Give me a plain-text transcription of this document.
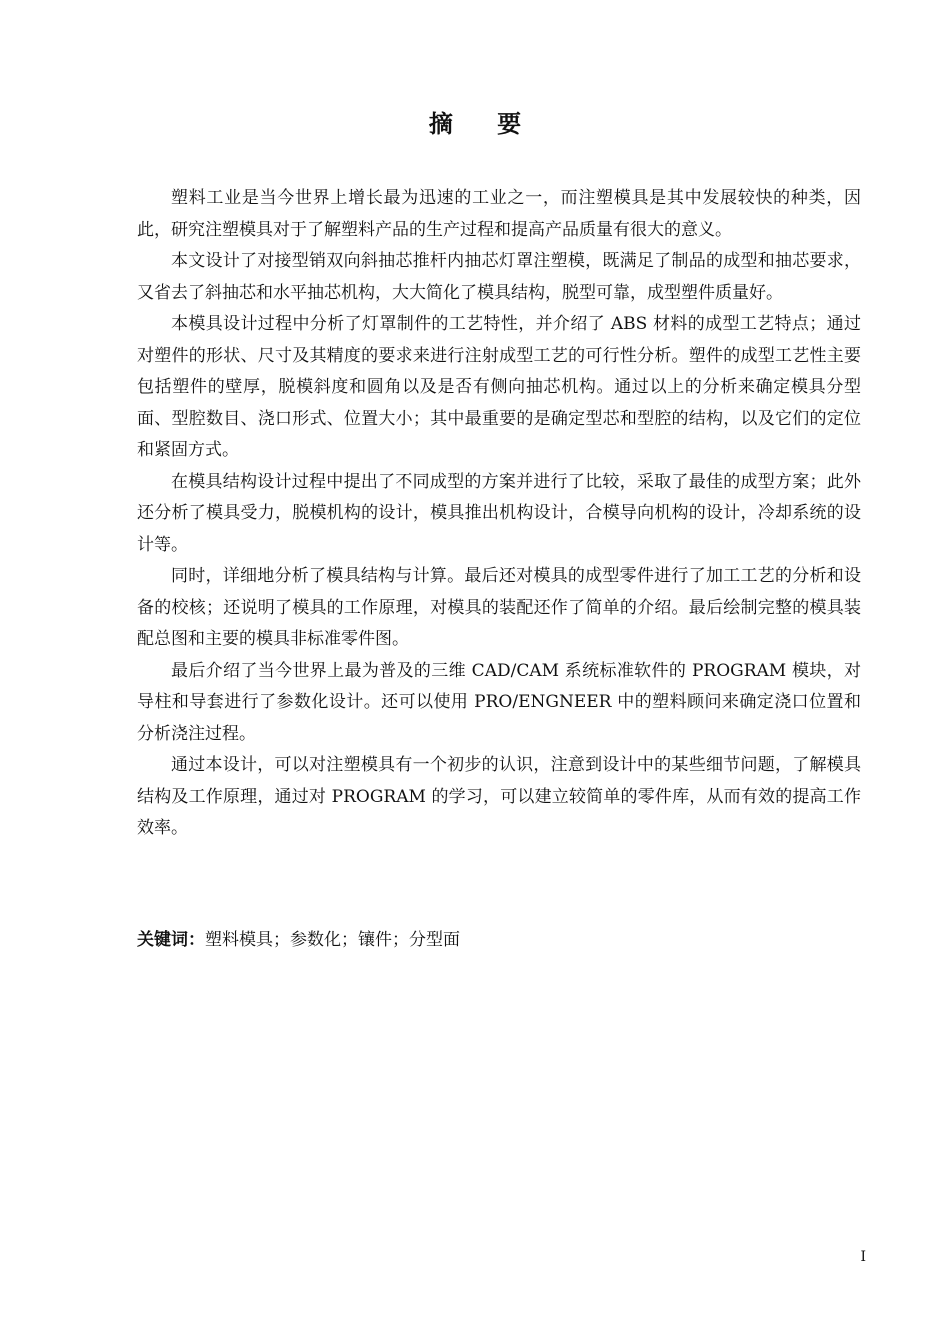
摘 要

塑料工业是当今世界上增长最为迅速的工业之一，而注塑模具是其中发展较快的种类，因此，研究注塑模具对于了解塑料产品的生产过程和提高产品质量有很大的意义。

本文设计了对接型销双向斜抽芯推杆内抽芯灯罩注塑模，既满足了制品的成型和抽芯要求，又省去了斜抽芯和水平抽芯机构，大大简化了模具结构，脱型可靠，成型塑件质量好。

本模具设计过程中分析了灯罩制件的工艺特性，并介绍了 ABS 材料的成型工艺特点；通过对塑件的形状、尺寸及其精度的要求来进行注射成型工艺的可行性分析。塑件的成型工艺性主要包括塑件的壁厚，脱模斜度和圆角以及是否有侧向抽芯机构。通过以上的分析来确定模具分型面、型腔数目、浇口形式、位置大小；其中最重要的是确定型芯和型腔的结构，以及它们的定位和紧固方式。

在模具结构设计过程中提出了不同成型的方案并进行了比较，采取了最佳的成型方案；此外还分析了模具受力，脱模机构的设计，模具推出机构设计，合模导向机构的设计，冷却系统的设计等。

同时，详细地分析了模具结构与计算。最后还对模具的成型零件进行了加工工艺的分析和设备的校核；还说明了模具的工作原理，对模具的装配还作了简单的介绍。最后绘制完整的模具装配总图和主要的模具非标准零件图。

最后介绍了当今世界上最为普及的三维 CAD/CAM 系统标准软件的 PROGRAM 模块，对导柱和导套进行了参数化设计。还可以使用 PRO/ENGNEER 中的塑料顾问来确定浇口位置和分析浇注过程。

通过本设计，可以对注塑模具有一个初步的认识，注意到设计中的某些细节问题，了解模具结构及工作原理，通过对 PROGRAM 的学习，可以建立较简单的零件库，从而有效的提高工作效率。

关键词：塑料模具；参数化；镶件；分型面
I
